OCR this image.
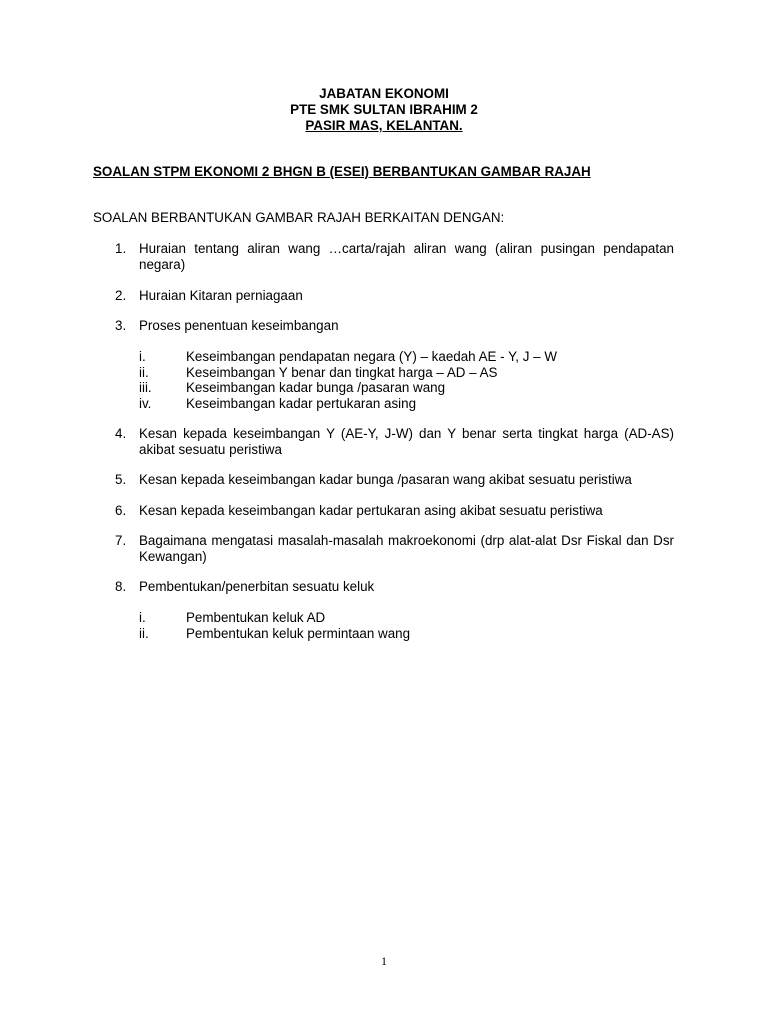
JABATAN EKONOMI
PTE SMK SULTAN IBRAHIM 2
PASIR MAS, KELANTAN.
SOALAN STPM EKONOMI 2 BHGN B (ESEI) BERBANTUKAN GAMBAR RAJAH
SOALAN BERBANTUKAN GAMBAR RAJAH BERKAITAN DENGAN:
1. Huraian tentang aliran wang …carta/rajah aliran wang (aliran pusingan pendapatan negara)
2. Huraian Kitaran perniagaan
3. Proses penentuan keseimbangan
i.	Keseimbangan pendapatan negara (Y) – kaedah AE - Y, J – W
ii.	Keseimbangan Y benar dan tingkat harga – AD – AS
iii.	Keseimbangan kadar bunga /pasaran wang
iv.	Keseimbangan kadar pertukaran asing
4. Kesan kepada keseimbangan Y (AE-Y, J-W) dan Y benar serta tingkat harga (AD-AS) akibat sesuatu peristiwa
5. Kesan kepada keseimbangan kadar bunga /pasaran wang akibat sesuatu peristiwa
6. Kesan kepada keseimbangan kadar pertukaran asing akibat sesuatu peristiwa
7. Bagaimana mengatasi masalah-masalah makroekonomi (drp alat-alat Dsr Fiskal dan Dsr Kewangan)
8. Pembentukan/penerbitan sesuatu keluk
i.	Pembentukan keluk AD
ii.	Pembentukan keluk permintaan wang
1
